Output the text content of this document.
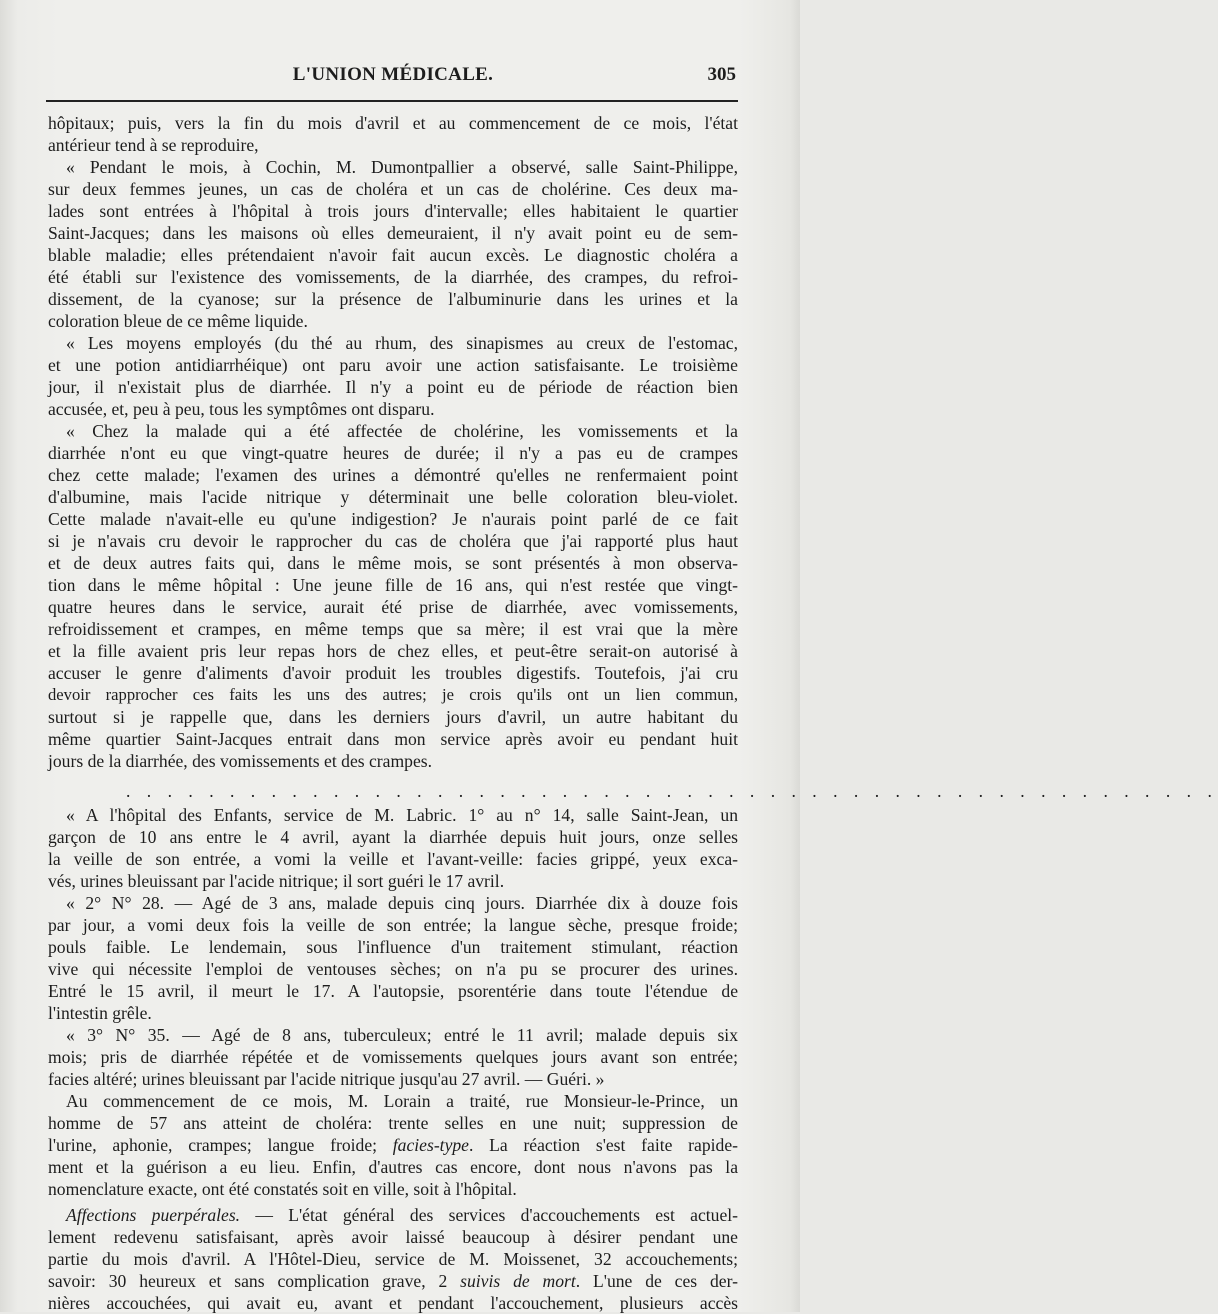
L'UNION MÉDICALE.	305
hôpitaux; puis, vers la fin du mois d'avril et au commencement de ce mois, l'état
antérieur tend à se reproduire,
« Pendant le mois, à Cochin, M. Dumontpallier a observé, salle Saint-Philippe,
sur deux femmes jeunes, un cas de choléra et un cas de cholérine. Ces deux ma-
lades sont entrées à l'hôpital à trois jours d'intervalle; elles habitaient le quartier
Saint-Jacques; dans les maisons où elles demeuraient, il n'y avait point eu de sem-
blable maladie; elles prétendaient n'avoir fait aucun excès. Le diagnostic choléra a
été établi sur l'existence des vomissements, de la diarrhée, des crampes, du refroi-
dissement, de la cyanose; sur la présence de l'albuminurie dans les urines et la
coloration bleue de ce même liquide.
« Les moyens employés (du thé au rhum, des sinapismes au creux de l'estomac,
et une potion antidiarrhéique) ont paru avoir une action satisfaisante. Le troisième
jour, il n'existait plus de diarrhée. Il n'y a point eu de période de réaction bien
accusée, et, peu à peu, tous les symptômes ont disparu.
« Chez la malade qui a été affectée de cholérine, les vomissements et la
diarrhée n'ont eu que vingt-quatre heures de durée; il n'y a pas eu de crampes
chez cette malade; l'examen des urines a démontré qu'elles ne renfermaient point
d'albumine, mais l'acide nitrique y déterminait une belle coloration bleu-violet.
Cette malade n'avait-elle eu qu'une indigestion? Je n'aurais point parlé de ce fait
si je n'avais cru devoir le rapprocher du cas de choléra que j'ai rapporté plus haut
et de deux autres faits qui, dans le même mois, se sont présentés à mon observa-
tion dans le même hôpital : Une jeune fille de 16 ans, qui n'est restée que vingt-
quatre heures dans le service, aurait été prise de diarrhée, avec vomissements,
refroidissement et crampes, en même temps que sa mère; il est vrai que la mère
et la fille avaient pris leur repas hors de chez elles, et peut-être serait-on autorisé à
accuser le genre d'aliments d'avoir produit les troubles digestifs. Toutefois, j'ai cru
devoir rapprocher ces faits les uns des autres; je crois qu'ils ont un lien commun,
surtout si je rappelle que, dans les derniers jours d'avril, un autre habitant du
même quartier Saint-Jacques entrait dans mon service après avoir eu pendant huit
jours de la diarrhée, des vomissements et des crampes.
. . . . . . . . . . . . . . . . . . . . . . . . . . . . . . . . . . . . . . . . . . . . . . . . . . . . .
« A l'hôpital des Enfants, service de M. Labric. 1° au n° 14, salle Saint-Jean, un
garçon de 10 ans entre le 4 avril, ayant la diarrhée depuis huit jours, onze selles
la veille de son entrée, a vomi la veille et l'avant-veille: facies grippé, yeux exca-
vés, urines bleuissant par l'acide nitrique; il sort guéri le 17 avril.
« 2° N° 28. — Agé de 3 ans, malade depuis cinq jours. Diarrhée dix à douze fois
par jour, a vomi deux fois la veille de son entrée; la langue sèche, presque froide;
pouls faible. Le lendemain, sous l'influence d'un traitement stimulant, réaction
vive qui nécessite l'emploi de ventouses sèches; on n'a pu se procurer des urines.
Entré le 15 avril, il meurt le 17. A l'autopsie, psorentérie dans toute l'étendue de
l'intestin grêle.
« 3° N° 35. — Agé de 8 ans, tuberculeux; entré le 11 avril; malade depuis six
mois; pris de diarrhée répétée et de vomissements quelques jours avant son entrée;
facies altéré; urines bleuissant par l'acide nitrique jusqu'au 27 avril. — Guéri. »
Au commencement de ce mois, M. Lorain a traité, rue Monsieur-le-Prince, un
homme de 57 ans atteint de choléra: trente selles en une nuit; suppression de
l'urine, aphonie, crampes; langue froide; facies-type. La réaction s'est faite rapide-
ment et la guérison a eu lieu. Enfin, d'autres cas encore, dont nous n'avons pas la
nomenclature exacte, ont été constatés soit en ville, soit à l'hôpital.
Affections puerpérales. — L'état général des services d'accouchements est actuel-
lement redevenu satisfaisant, après avoir laissé beaucoup à désirer pendant une
partie du mois d'avril. A l'Hôtel-Dieu, service de M. Moissenet, 32 accouchements;
savoir: 30 heureux et sans complication grave, 2 suivis de mort. L'une de ces der-
nières accouchées, qui avait eu, avant et pendant l'accouchement, plusieurs accès
